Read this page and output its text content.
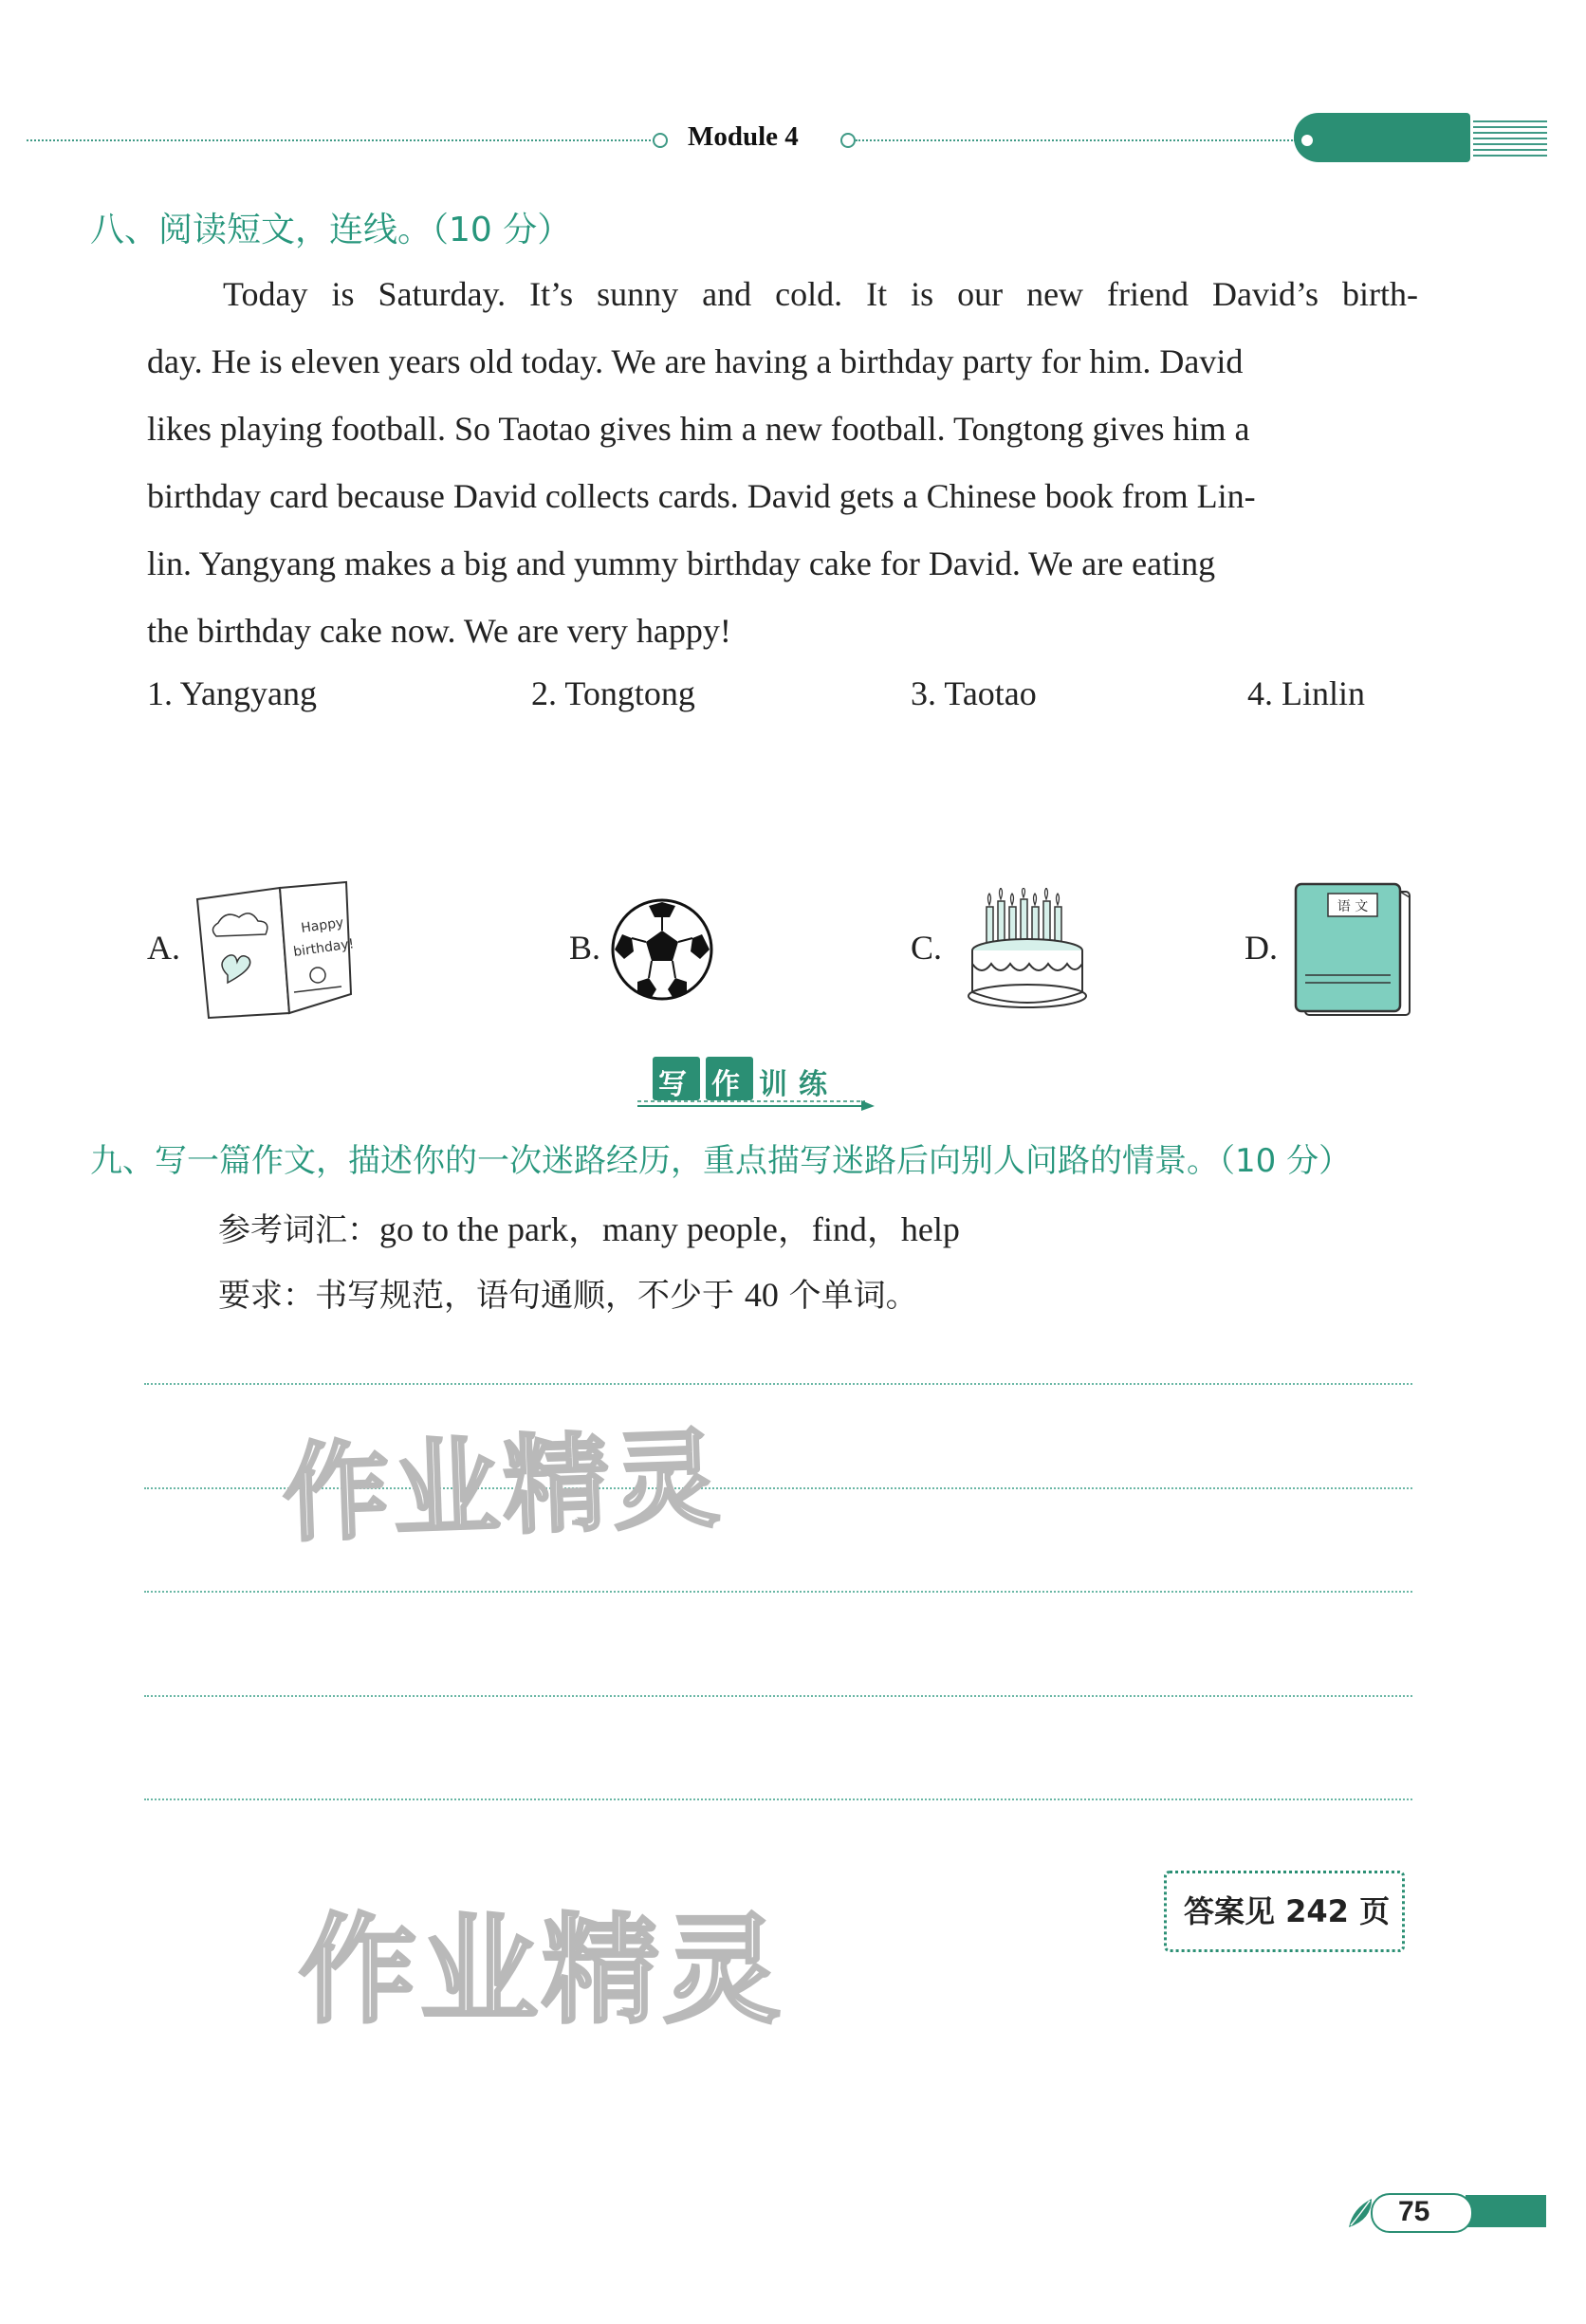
Module 4
八、阅读短文，连线。（10 分）
Today is Saturday. It’s sunny and cold. It is our new friend David’s birth-
day. He is eleven years old today. We are having a birthday party for him. David
likes playing football. So Taotao gives him a new football. Tongtong gives him a
birthday card because David collects cards. David gets a Chinese book from Lin-
lin. Yangyang makes a big and yummy birthday cake for David. We are eating
the birthday cake now. We are very happy!
1. Yangyang	2. Tongtong	3. Taotao	4. Linlin
A.
Happy
birthday!	B.	C.	D.
语 文
写 作 训 练
九、写一篇作文，描述你的一次迷路经历，重点描写迷路后向别人问路的情景。（10 分）
参考词汇：go to the park，many people，find，help
要求：书写规范，语句通顺，不少于 40 个单词。
作业精灵
作业精灵	答案见 242 页
75
